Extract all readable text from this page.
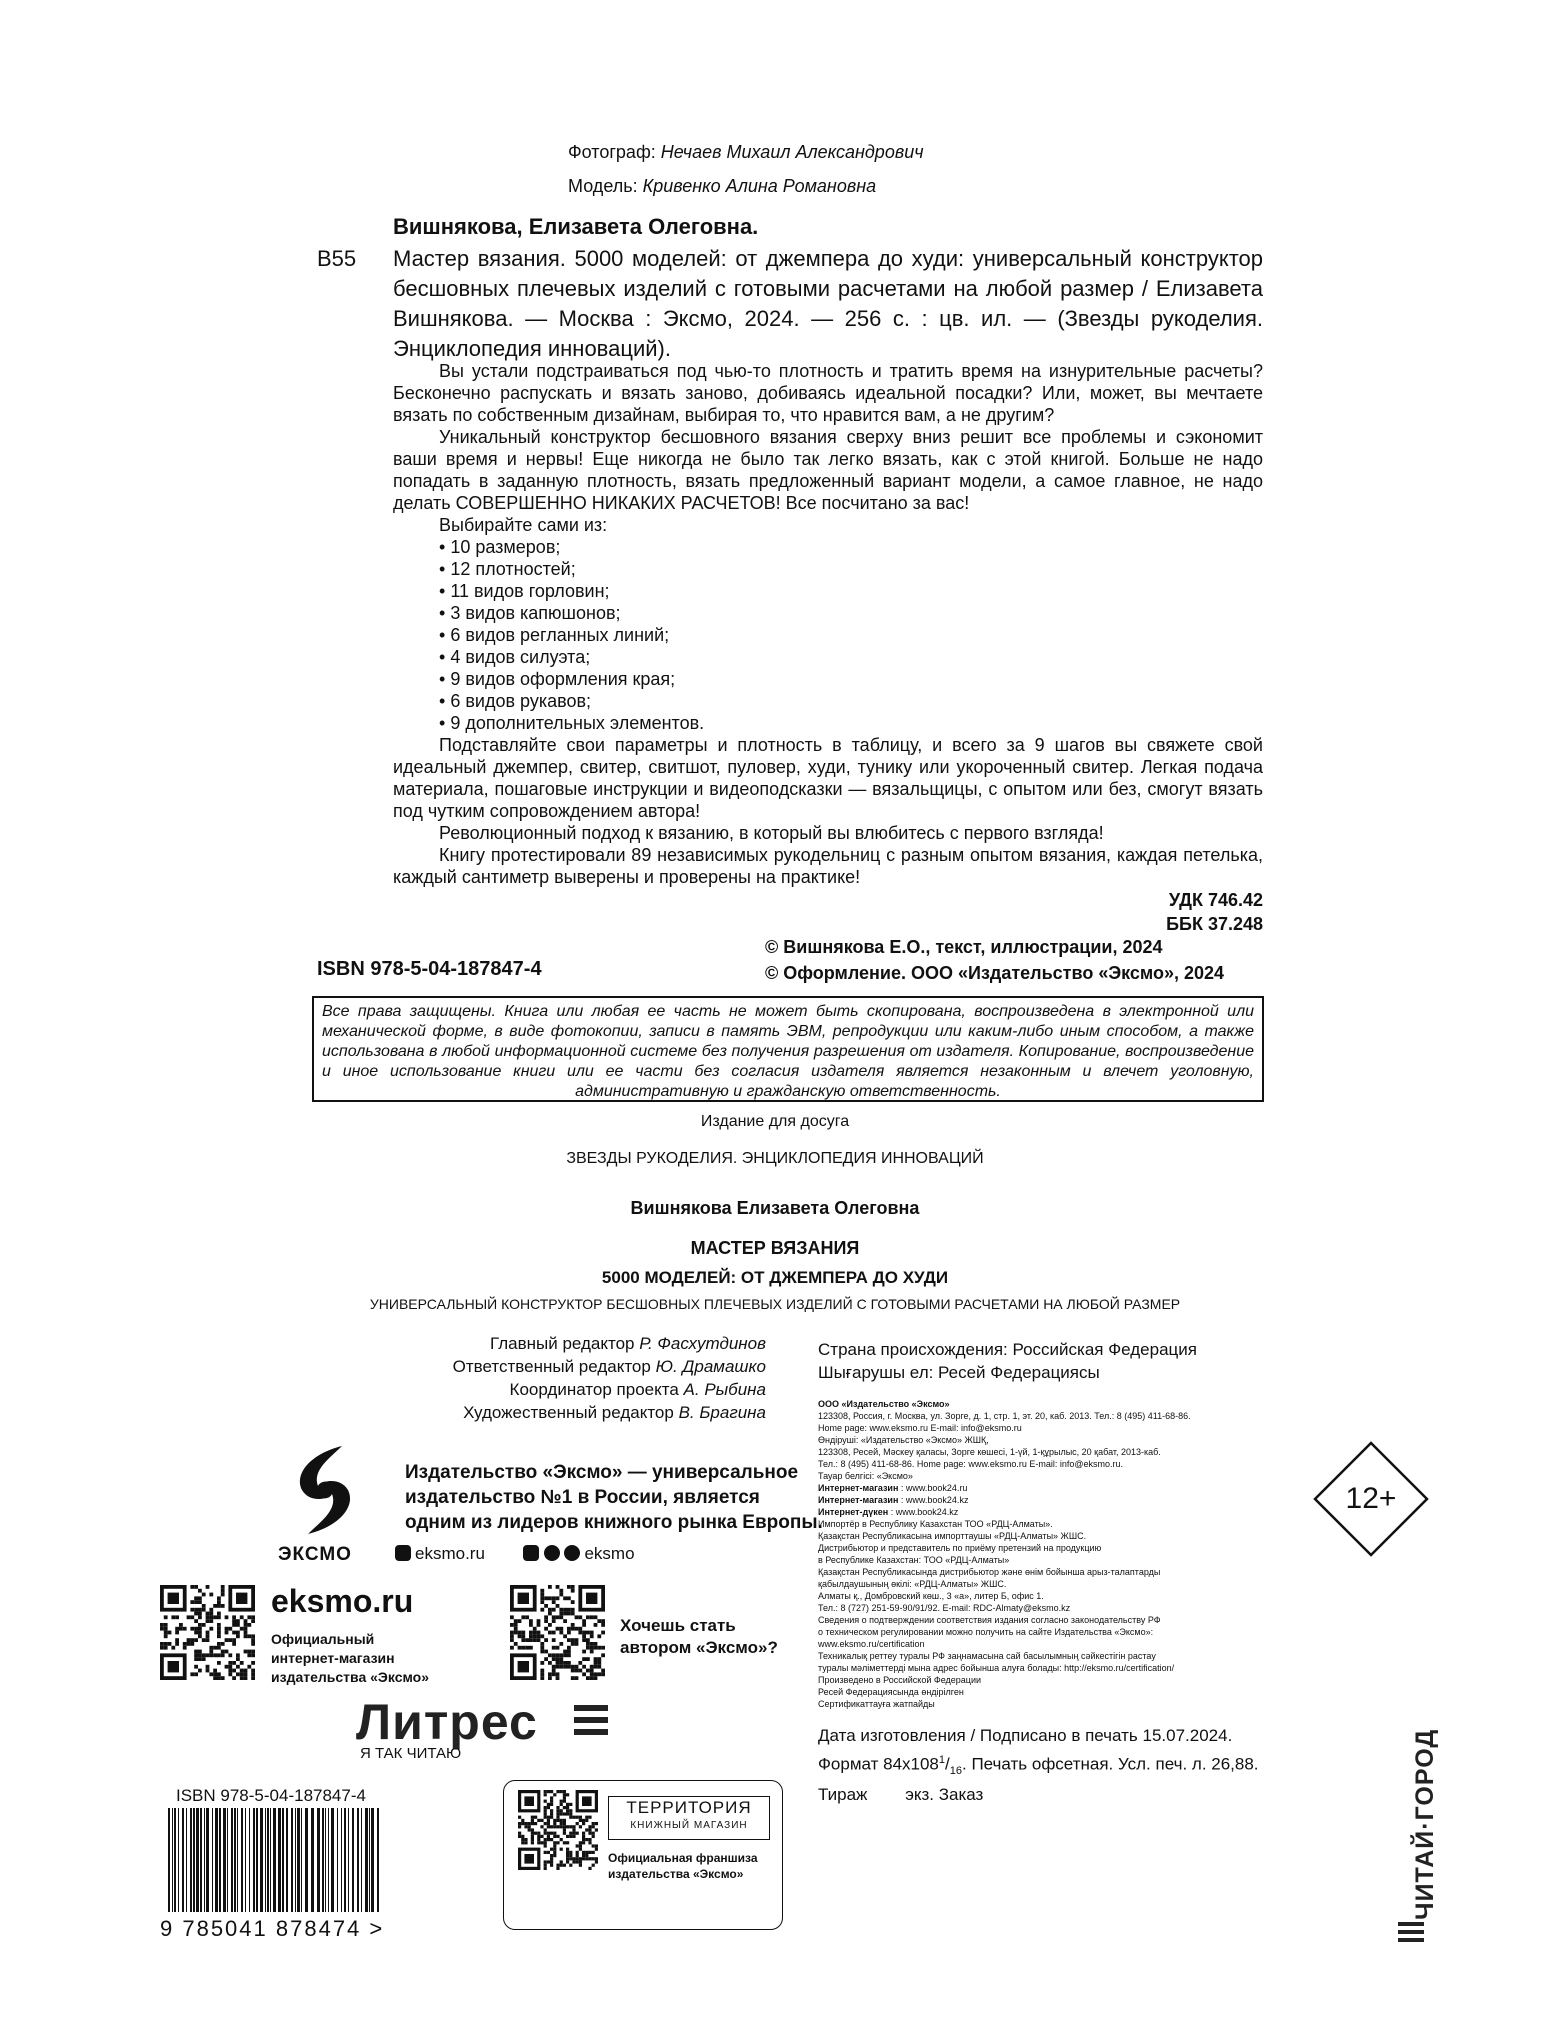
Фотограф: Нечаев Михаил Александрович
Модель: Кривенко Алина Романовна
Вишнякова, Елизавета Олеговна.
В55 Мастер вязания. 5000 моделей: от джемпера до худи: универсальный конструктор бесшовных плечевых изделий с готовыми расчетами на любой размер / Елизавета Вишнякова. — Москва : Эксмо, 2024. — 256 с. : цв. ил. — (Звезды рукоделия. Энциклопедия инноваций).

Вы устали подстраиваться под чью-то плотность и тратить время на изнурительные расчеты? Бесконечно распускать и вязать заново, добиваясь идеальной посадки? Или, может, вы мечтаете вязать по собственным дизайнам, выбирая то, что нравится вам, а не другим?

Уникальный конструктор бесшовного вязания сверху вниз решит все проблемы и сэкономит ваши время и нервы! Еще никогда не было так легко вязать, как с этой книгой. Больше не надо попадать в заданную плотность, вязать предложенный вариант модели, а самое главное, не надо делать СОВЕРШЕННО НИКАКИХ РАСЧЕТОВ! Все посчитано за вас!

Выбирайте сами из:

• 10 размеров;
• 12 плотностей;
• 11 видов горловин;
• 3 видов капюшонов;
• 6 видов регланных линий;
• 4 видов силуэта;
• 9 видов оформления края;
• 6 видов рукавов;
• 9 дополнительных элементов.

Подставляйте свои параметры и плотность в таблицу, и всего за 9 шагов вы свяжете свой идеальный джемпер, свитер, свитшот, пуловер, худи, тунику или укороченный свитер. Легкая подача материала, пошаговые инструкции и видеоподсказки — вязальщицы, с опытом или без, смогут вязать под чутким сопровождением автора!

Революционный подход к вязанию, в который вы влюбитесь с первого взгляда!

Книгу протестировали 89 независимых рукодельниц с разным опытом вязания, каждая петелька, каждый сантиметр выверены и проверены на практике!

УДК 746.42
ББК 37.248
ISBN 978-5-04-187847-4
© Вишнякова Е.О., текст, иллюстрации, 2024
© Оформление. ООО «Издательство «Эксмо», 2024
Все права защищены. Книга или любая ее часть не может быть скопирована, воспроизведена в электронной или механической форме, в виде фотокопии, записи в память ЭВМ, репродукции или каким-либо иным способом, а также использована в любой информационной системе без получения разрешения от издателя. Копирование, воспроизведение и иное использование книги или ее части без согласия издателя является незаконным и влечет уголовную, административную и гражданскую ответственность.
Издание для досуга
ЗВЕЗДЫ РУКОДЕЛИЯ. ЭНЦИКЛОПЕДИЯ ИННОВАЦИЙ
Вишнякова Елизавета Олеговна
МАСТЕР ВЯЗАНИЯ
5000 МОДЕЛЕЙ: ОТ ДЖЕМПЕРА ДО ХУДИ
УНИВЕРСАЛЬНЫЙ КОНСТРУКТОР БЕСШОВНЫХ ПЛЕЧЕВЫХ ИЗДЕЛИЙ С ГОТОВЫМИ РАСЧЕТАМИ НА ЛЮБОЙ РАЗМЕР
Главный редактор Р. Фасхутдинов
Ответственный редактор Ю. Драмашко
Координатор проекта А. Рыбина
Художественный редактор В. Брагина
Страна происхождения: Российская Федерация
Шығарушы ел: Ресей Федерациясы
ООО «Издательство «Эксмо»
123308, Россия, г. Москва, ул. Зорге, д. 1, стр. 1, эт. 20, каб. 2013. Тел.: 8 (495) 411-68-86.
Home page: www.eksmo.ru E-mail: info@eksmo.ru
Өндіруші: «Издательство «Эксмо» ЖШҚ,
123308, Ресей, Мәскеу қаласы, Зорге көшесі, 1-үй, 1-құрылыс, 20 қабат, 2013-каб.
Тел.: 8 (495) 411-68-86. Home page: www.eksmo.ru E-mail: info@eksmo.ru.
Тауар белгісі: «Эксмо»
Интернет-магазин : www.book24.ru
Интернет-магазин : www.book24.kz
Интернет-дүкен : www.book24.kz
Импортёр в Республику Казахстан ТОО «РДЦ-Алматы».
Қазақстан Республикасына импорттаушы «РДЦ-Алматы» ЖШС.
Дистрибьютор и представитель по приёму претензий на продукцию
в Республике Казахстан: ТОО «РДЦ-Алматы»
Қазақстан Республикасында дистрибьютор және өнім бойынша арыз-талаптарды
қабылдаушының өкілі: «РДЦ-Алматы» ЖШС.
Алматы қ., Домбровский көш., 3 «а», литер Б, офис 1.
Тел.: 8 (727) 251-59-90/91/92. E-mail: RDC-Almaty@eksmo.kz
Сведения о подтверждении соответствия издания согласно законодательству РФ
о техническом регулировании можно получить на сайте Издательства «Эксмо»:
www.eksmo.ru/certification
Техникалық реттеу туралы РФ заңнамасына сай басылымның сәйкестігін растау
туралы мәліметтерді мына адрес бойынша алуға болады: http://eksmo.ru/certification/
Произведено в Российской Федерации
Ресей Федерациясында өндірілген
Сертификаттауға жатпайды
12+
ЭКСМО
Издательство «Эксмо» — универсальное
издательство №1 в России, является
одним из лидеров книжного рынка Европы.
eksmo.ru	eksmo
eksmo.ru
Официальный
интернет-магазин
издательства «Эксмо»
Хочешь стать
автором «Эксмо»?
Литрес
Я ТАК ЧИТАЮ
ISBN 978-5-04-187847-4
9 785041 878474 >
ТЕРРИТОРИЯ
КНИЖНЫЙ МАГАЗИН
Официальная франшиза
издательства «Эксмо»
Дата изготовления / Подписано в печать 15.07.2024.
Формат $84х108^1/_{16}$. Печать офсетная. Усл. печ. л. 26,88.
Тираж        экз. Заказ	ЧИТАЙ·ГОРОД
